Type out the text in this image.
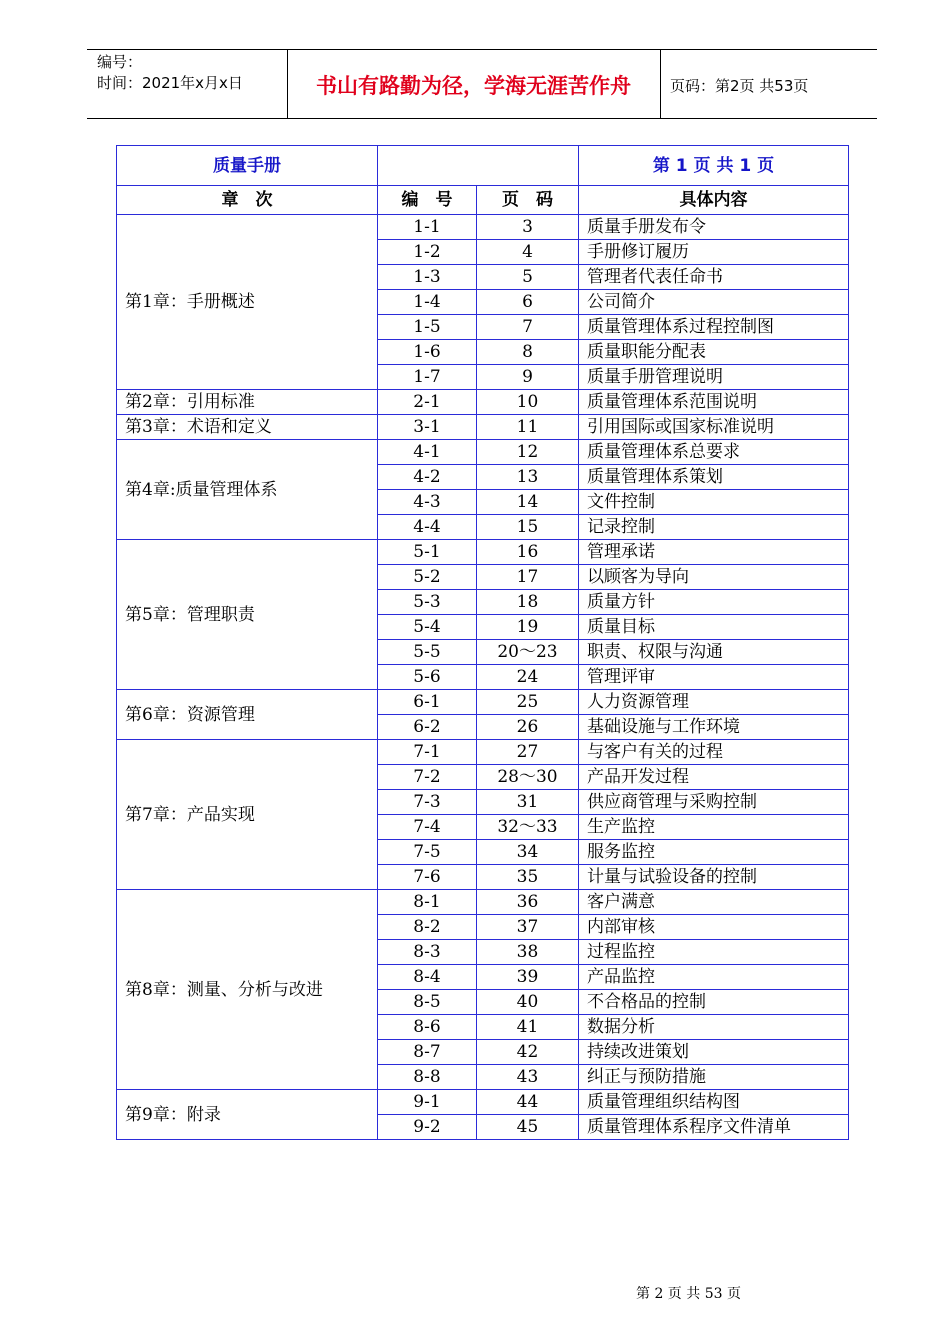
编号：
时间：2021年x月x日	书山有路勤为径，学海无涯苦作舟	页码：第2页 共53页
质量手册			第 1 页 共 1 页
章　次	编　号	页　码	具体内容
第1章：手册概述	1-1	3	质量手册发布令
	1-2	4	手册修订履历
	1-3	5	管理者代表任命书
	1-4	6	公司简介
	1-5	7	质量管理体系过程控制图
	1-6	8	质量职能分配表
	1-7	9	质量手册管理说明
第2章：引用标准	2-1	10	质量管理体系范围说明
第3章：术语和定义	3-1	11	引用国际或国家标准说明
第4章:质量管理体系	4-1	12	质量管理体系总要求
	4-2	13	质量管理体系策划
	4-3	14	文件控制
	4-4	15	记录控制
第5章：管理职责	5-1	16	管理承诺
	5-2	17	以顾客为导向
	5-3	18	质量方针
	5-4	19	质量目标
	5-5	20～23	职责、权限与沟通
	5-6	24	管理评审
第6章：资源管理	6-1	25	人力资源管理
	6-2	26	基础设施与工作环境
第7章：产品实现	7-1	27	与客户有关的过程
	7-2	28～30	产品开发过程
	7-3	31	供应商管理与采购控制
	7-4	32～33	生产监控
	7-5	34	服务监控
	7-6	35	计量与试验设备的控制
第8章：测量、分析与改进	8-1	36	客户满意
	8-2	37	内部审核
	8-3	38	过程监控
	8-4	39	产品监控
	8-5	40	不合格品的控制
	8-6	41	数据分析
	8-7	42	持续改进策划
	8-8	43	纠正与预防措施
第9章：附录	9-1	44	质量管理组织结构图
	9-2	45	质量管理体系程序文件清单
第 2 页 共 53 页
